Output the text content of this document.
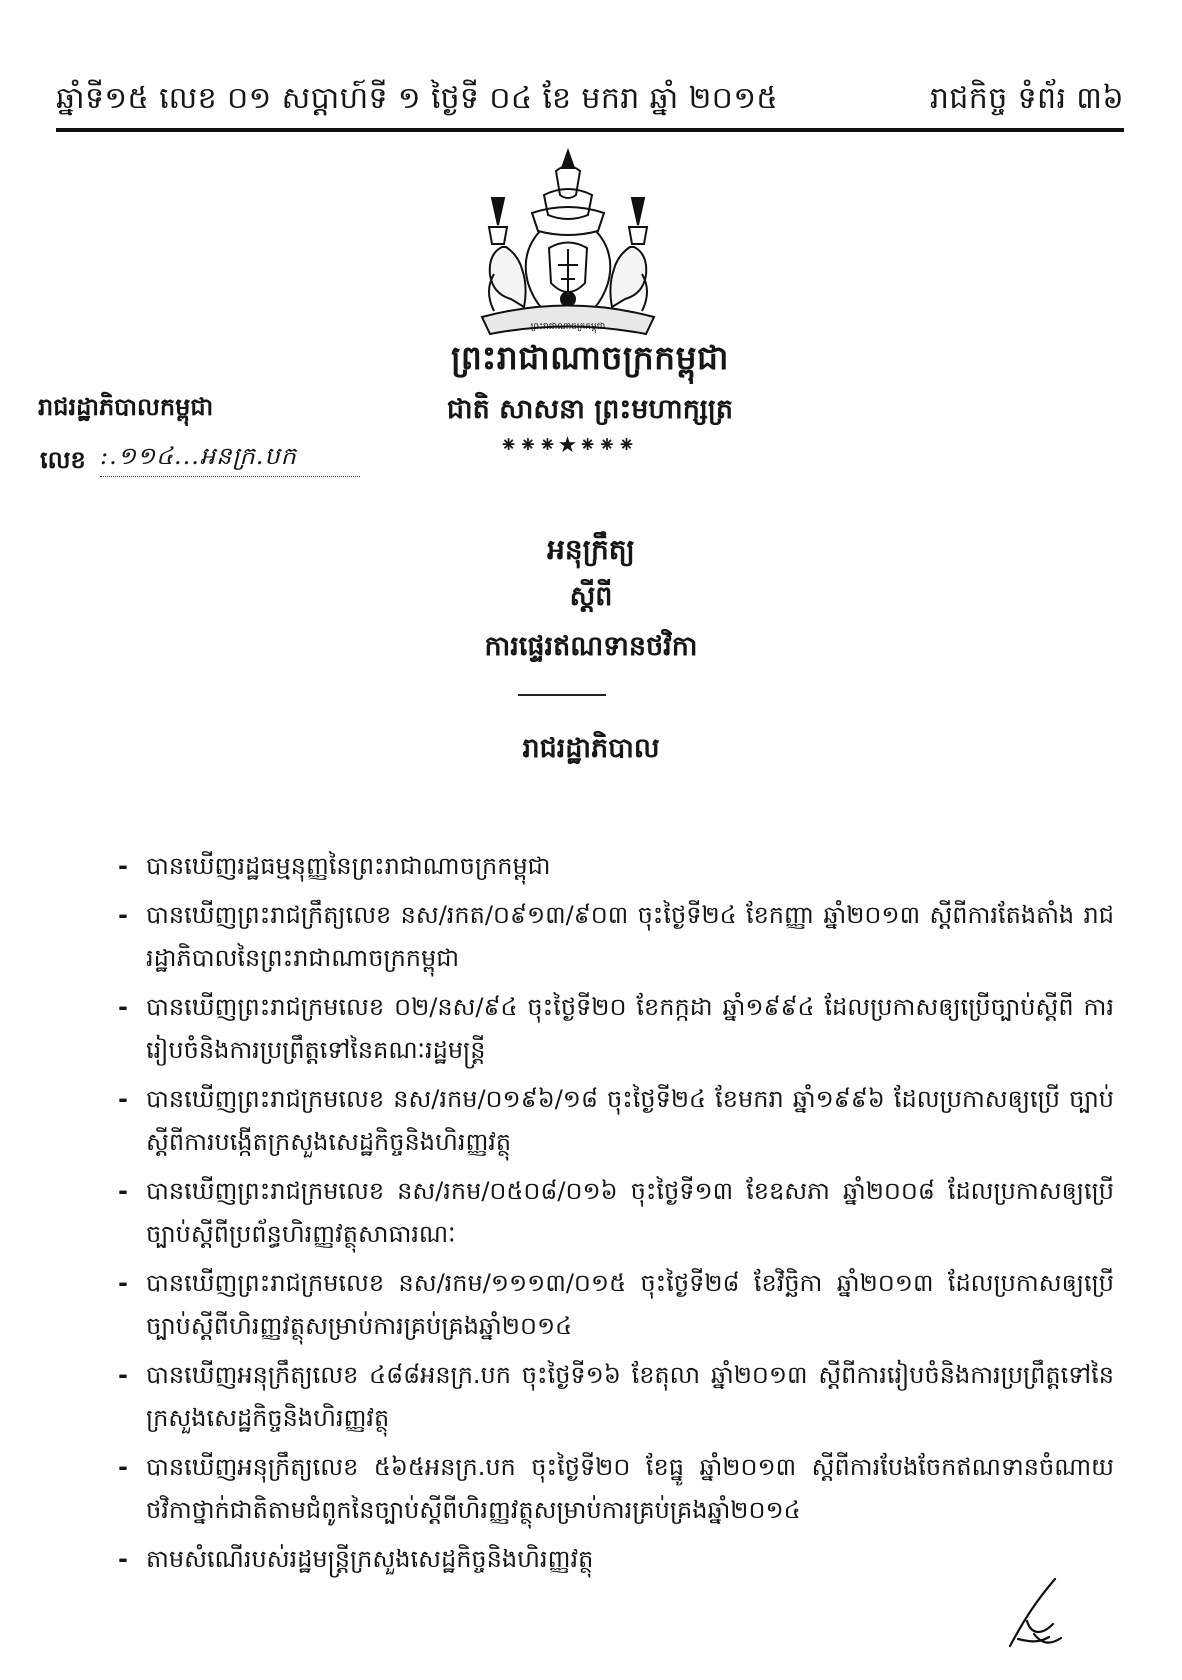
ឆ្នាំទី១៥ លេខ ០១ សប្តាហ៍ទី ១ ថ្ងៃទី ០៤ ខែ មករា ឆ្នាំ ២០១៥	រាជកិច្ច ទំព័រ ៣៦
ព្រះរាជាណាចក្រកម្ពុជា
ព្រះរាជាណាចក្រកម្ពុជា
ជាតិ សាសនា ព្រះមហាក្សត្រ
⁕⁕⁕★⁕⁕⁕
រាជរដ្ឋាភិបាលកម្ពុជា
លេខ :.១១៤...អនក្រ.បក
អនុក្រឹត្យ
ស្តីពី
ការផ្ទេរឥណទានថវិកា
រាជរដ្ឋាភិបាល
- បានឃើញរដ្ឋធម្មនុញ្ញនៃព្រះរាជាណាចក្រកម្ពុជា
- បានឃើញព្រះរាជក្រឹត្យលេខ នស/រកត/០៩១៣/៩០៣ ចុះថ្ងៃទី២៤ ខែកញ្ញា ឆ្នាំ២០១៣ ស្តីពីការតែងតាំង រាជរដ្ឋាភិបាលនៃព្រះរាជាណាចក្រកម្ពុជា
- បានឃើញព្រះរាជក្រមលេខ ០២/នស/៩៤ ចុះថ្ងៃទី២០ ខែកក្កដា ឆ្នាំ១៩៩៤ ដែលប្រកាសឲ្យប្រើច្បាប់ស្តីពី ការរៀបចំនិងការប្រព្រឹត្តទៅនៃគណៈរដ្ឋមន្ត្រី
- បានឃើញព្រះរាជក្រមលេខ នស/រកម/០១៩៦/១៨ ចុះថ្ងៃទី២៤ ខែមករា ឆ្នាំ១៩៩៦ ដែលប្រកាសឲ្យប្រើ ច្បាប់ស្តីពីការបង្កើតក្រសួងសេដ្ឋកិច្ចនិងហិរញ្ញវត្ថុ
- បានឃើញព្រះរាជក្រមលេខ នស/រកម/០៥០៨/០១៦ ចុះថ្ងៃទី១៣ ខែឧសភា ឆ្នាំ២០០៨ ដែលប្រកាសឲ្យប្រើ ច្បាប់ស្តីពីប្រព័ន្ធហិរញ្ញវត្ថុសាធារណៈ
- បានឃើញព្រះរាជក្រមលេខ នស/រកម/១១១៣/០១៥ ចុះថ្ងៃទី២៨ ខែវិច្ឆិកា ឆ្នាំ២០១៣ ដែលប្រកាសឲ្យប្រើ ច្បាប់ស្តីពីហិរញ្ញវត្ថុសម្រាប់ការគ្រប់គ្រងឆ្នាំ២០១៤
- បានឃើញអនុក្រឹត្យលេខ ៤៨៨អនក្រ.បក ចុះថ្ងៃទី១៦ ខែតុលា ឆ្នាំ២០១៣ ស្តីពីការរៀបចំនិងការប្រព្រឹត្តទៅនៃ ក្រសួងសេដ្ឋកិច្ចនិងហិរញ្ញវត្ថុ
- បានឃើញអនុក្រឹត្យលេខ ៥៦៥អនក្រ.បក ចុះថ្ងៃទី២០ ខែធ្នូ ឆ្នាំ២០១៣ ស្តីពីការបែងចែកឥណទានចំណាយ ថវិកាថ្នាក់ជាតិតាមជំពូកនៃច្បាប់ស្តីពីហិរញ្ញវត្ថុសម្រាប់ការគ្រប់គ្រងឆ្នាំ២០១៤
- តាមសំណើរបស់រដ្ឋមន្ត្រីក្រសួងសេដ្ឋកិច្ចនិងហិរញ្ញវត្ថុ
